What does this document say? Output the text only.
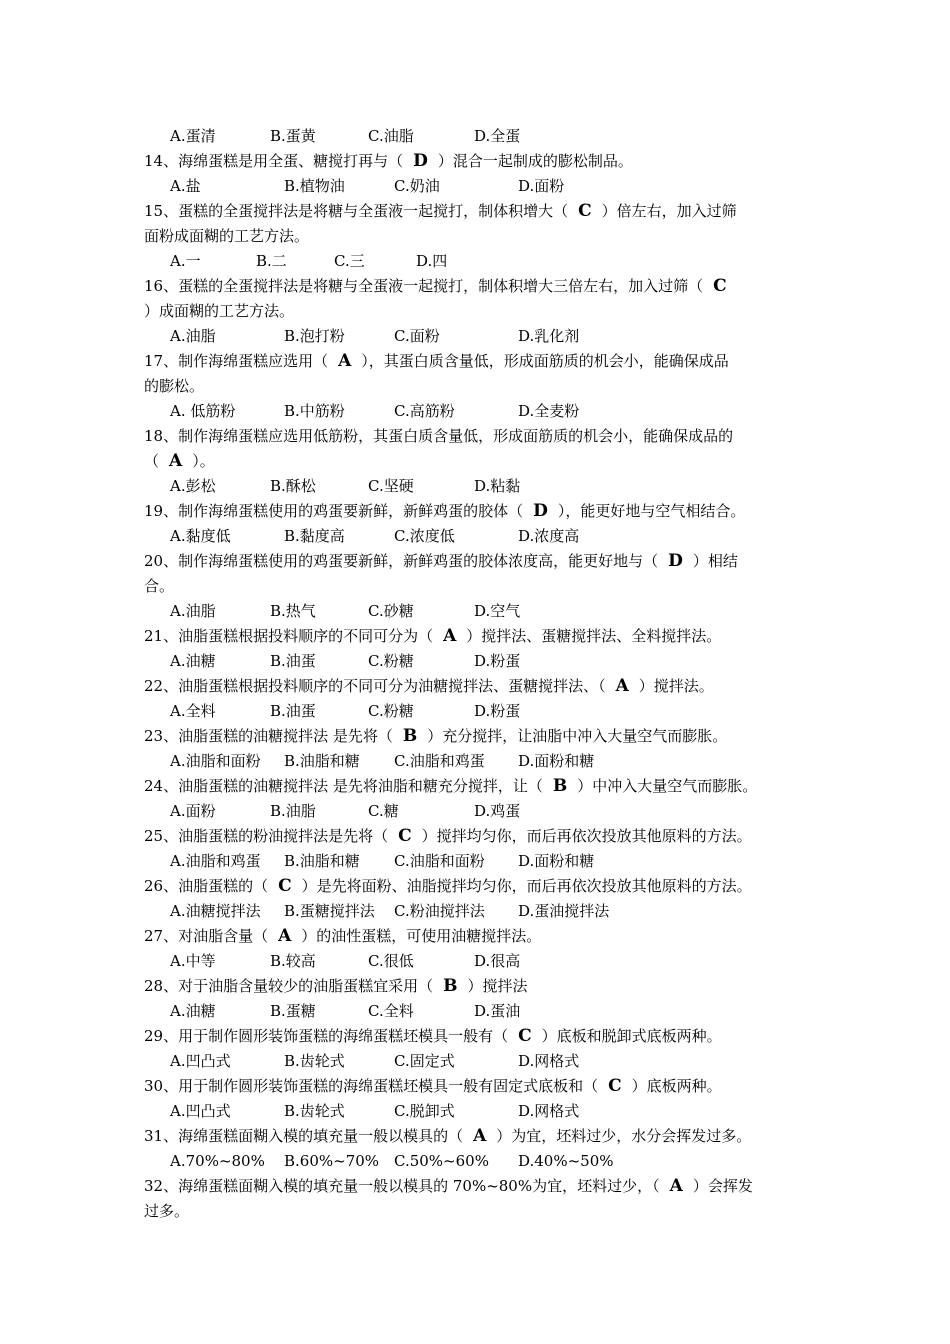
A.蛋清	B.蛋黄	C.油脂	D.全蛋
14、海绵蛋糕是用全蛋、糖搅打再与（ D ）混合一起制成的膨松制品。
A.盐	B.植物油	C.奶油	D.面粉
15、蛋糕的全蛋搅拌法是将糖与全蛋液一起搅打，制体积增大（ C ）倍左右，加入过筛
面粉成面糊的工艺方法。
A.一	B.二	C.三	D.四
16、蛋糕的全蛋搅拌法是将糖与全蛋液一起搅打，制体积增大三倍左右，加入过筛（ C
）成面糊的工艺方法。
A.油脂	B.泡打粉	C.面粉	D.乳化剂
17、制作海绵蛋糕应选用（ A ），其蛋白质含量低，形成面筋质的机会小，能确保成品
的膨松。
A. 低筋粉	B.中筋粉	C.高筋粉	D.全麦粉
18、制作海绵蛋糕应选用低筋粉，其蛋白质含量低，形成面筋质的机会小，能确保成品的
（ A ）。
A.彭松	B.酥松	C.坚硬	D.粘黏
19、制作海绵蛋糕使用的鸡蛋要新鲜，新鲜鸡蛋的胶体（ D ），能更好地与空气相结合。
A.黏度低	B.黏度高	C.浓度低	D.浓度高
20、制作海绵蛋糕使用的鸡蛋要新鲜，新鲜鸡蛋的胶体浓度高，能更好地与（ D ）相结
合。
A.油脂	B.热气	C.砂糖	D.空气
21、油脂蛋糕根据投料顺序的不同可分为（ A ）搅拌法、蛋糖搅拌法、全料搅拌法。
A.油糖	B.油蛋	C.粉糖	D.粉蛋
22、油脂蛋糕根据投料顺序的不同可分为油糖搅拌法、蛋糖搅拌法、（ A ）搅拌法。
A.全料	B.油蛋	C.粉糖	D.粉蛋
23、油脂蛋糕的油糖搅拌法 是先将（ B ）充分搅拌，让油脂中冲入大量空气而膨胀。
A.油脂和面粉 B.油脂和糖 C.油脂和鸡蛋 D.面粉和糖
24、油脂蛋糕的油糖搅拌法 是先将油脂和糖充分搅拌，让（ B ）中冲入大量空气而膨胀。
A.面粉	B.油脂	C.糖	D.鸡蛋
25、油脂蛋糕的粉油搅拌法是先将（ C ）搅拌均匀你，而后再依次投放其他原料的方法。
A.油脂和鸡蛋 B.油脂和糖 C.油脂和面粉 D.面粉和糖
26、油脂蛋糕的（ C ）是先将面粉、油脂搅拌均匀你，而后再依次投放其他原料的方法。
A.油糖搅拌法 B.蛋糖搅拌法 C.粉油搅拌法 D.蛋油搅拌法
27、对油脂含量（ A ）的油性蛋糕，可使用油糖搅拌法。
A.中等	B.较高	C.很低	D.很高
28、对于油脂含量较少的油脂蛋糕宜采用（ B ）搅拌法
A.油糖	B.蛋糖	C.全料	D.蛋油
29、用于制作圆形装饰蛋糕的海绵蛋糕坯模具一般有（ C ）底板和脱卸式底板两种。
A.凹凸式	B.齿轮式	C.固定式	D.网格式
30、用于制作圆形装饰蛋糕的海绵蛋糕坯模具一般有固定式底板和（ C ）底板两种。
A.凹凸式	B.齿轮式	C.脱卸式	D.网格式
31、海绵蛋糕面糊入模的填充量一般以模具的（ A ）为宜，坯料过少，水分会挥发过多。
A.70%~80% B.60%~70% C.50%~60% D.40%~50%
32、海绵蛋糕面糊入模的填充量一般以模具的 70%~80%为宜，坯料过少，（ A ）会挥发
过多。
